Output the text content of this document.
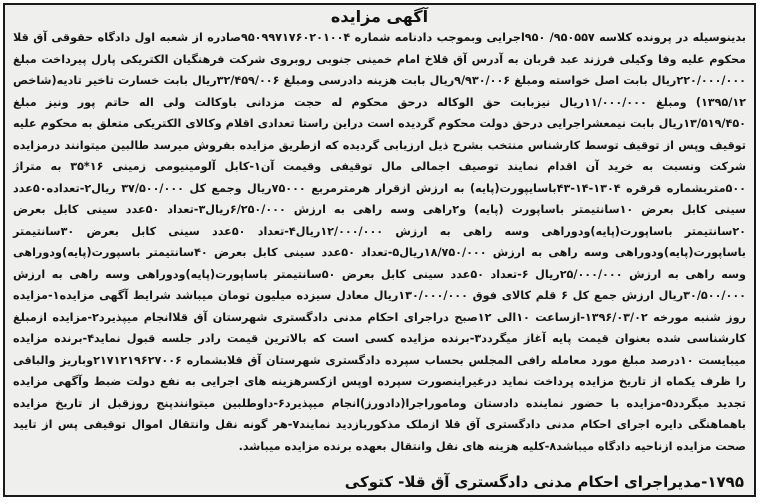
آگهی مزایده

بدینوسیله در پرونده کلاسه ۹۵۰۵۵۷/ ۹۵۰اجرایی وبموجب دادنامه شماره ۹۵۰۹۹۷۱۷۶۰۲۰۱۰۰۴صادره از شعبه اول دادگاه حقوقی آق قلا محکوم علیه وفا وکیلی فرزند عبد قربان به آدرس آق قلاخ امام خمینی جنوبی روبروی شرکت فرهنگیان الکتریکی پارل پیرداخت مبلغ ۲۲۰/۰۰۰/۰۰۰ریال بابت اصل خواسته ومبلغ ۹/۹۳۰/۰۰۶ریال بابت هزینه دادرسی ومبلغ ۳۲/۴۵۹/۰۰۶ریال بابت خسارت تاخیر تادیه(شاخص ۱۳۹۵/۱۲) ومبلغ ۱۱/۰۰۰/۰۰۰ریال نیزبابت حق الوکاله درحق محکوم له حجت مزدانی باوکالت ولی اله حاتم پور ونیز مبلغ ۱۳/۵۱۹/۴۵۰ریال بابت نیمعشراجرایی درحق دولت محکوم گردیده است دراین راستا تعدادی اقلام وکالای الکتریکی متعلق به محکوم علیه توقیف وپس از توقیف توسط کارشناس منتخب بشرح ذیل ارزیابی گردیده که ازطریق مزایده بفروش میرسد طالبین میتوانند درمزایده شرکت ونسبت به خرید آن اقدام نمایند توصیف اجمالی مال توقیفی وقیمت آن۱-کابل آلومینیومی زمینی ۱۶*۳۵ به متراژ ۵۰۰متربشماره قرقره ۱۳۰۴-۱۴-۴۳باسایپورت(پایه) به ارزش ازقرار هرمترمربع ۷۵۰۰۰ریال وجمع کل ۳۷/۵۰۰/۰۰۰ ریال۲-تعداده۵۰عدد سینی کابل بعرض ۱۰سانتیمتر باساپورت (پایه) و۲راهی وسه راهی به ارزش ۶/۲۵۰/۰۰۰ریال۳-تعداد ۵۰عدد سینی کابل بعرض ۲۰سانتیمتر باساپورت(پایه)ودوراهی وسه راهی به ارزش ۱۲/۰۰۰/۰۰۰ریال۴-تعداد ۵۰عدد سینی کابل بعرض ۳۰سانتیمتر باساپورت(پایه)ودوراهی وسه راهی به ارزش ۱۸/۷۵۰/۰۰۰ریال۵-تعداد ۵۰عدد سینی کابل بعرض ۴۰سانتیمتر باسپورت(پایه)ودوراهی وسه راهی به ارزش ۲۵/۰۰۰/۰۰۰ریال ۶-تعداد ۵۰عدد سینی کابل بعرض ۵۰سانتیمتر باساپورت(پایه)ودوراهی وسه راهی به ارزش ۳۰/۵۰۰/۰۰۰ریال ارزش جمع کل ۶ قلم کالای فوق ۱۳۰/۰۰۰/۰۰۰ریال معادل سیزده میلیون تومان میباشد شرایط آگهی مزایده۱-مزایده روز شنبه مورخه ۱۳۹۶/۰۳/۰۲-ازساعت ۱۰الی ۱۲صبح دراجرای احکام مدنی دادگستری شهرستان آق قلاانجام میپذیرد۲-مزایده ازمبلغ کارشناسی شده بعنوان قیمت پایه آغاز میگردد۳-برنده مزایده کسی است که بالاترین قیمت رادر جلسه قبول نماید۴-برنده مزایده میبایست ۱۰درصد مبلغ مورد معامله رافی المجلس بحساب سپرده دادگستری شهرستان آق قلابشماره ۲۱۷۱۲۱۹۶۲۷۰۰۶وباریز والباقی را ظرف یکماه از تاریخ مزایده پرداخت نماید درغیراینصورت سپرده اوپس ازکسرهزینه های اجرایی به نفع دولت ضبط وآگهی مزایده تجدید میگردد۵-مزایده با حضور نماینده دادستان وماموراجرا(دادورز)انجام میپذیرد۶-داوطلبین میتوانندپنج روزقبل از تاریخ مزایده باهماهنگی دایره اجرای احکام مدنی دادگستری آق قلا ازملک مذکوربازدید نمایند۷-هر گونه نقل وانتقال اموال توقیفی پس از تایید صحت مزایده ازناحیه دادگاه میباشد۸-کلیه هزینه های نقل وانتقال بعهده برنده مزایده میباشد.

۱۷۹۵-مدیراجرای احکام مدنی دادگستری آق قلا- کتوکی
